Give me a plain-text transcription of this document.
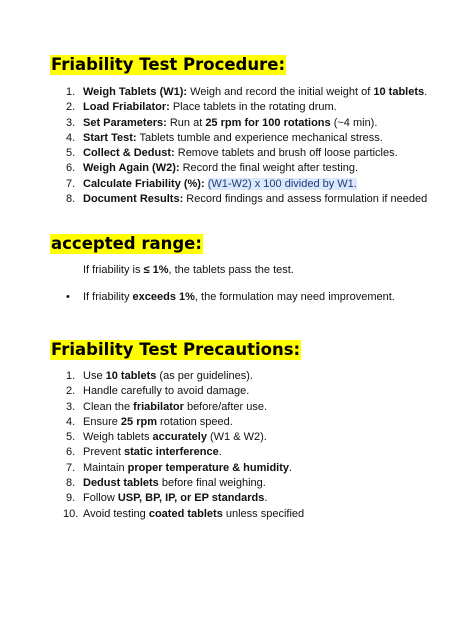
Friability Test Procedure:
1. Weigh Tablets (W1): Weigh and record the initial weight of 10 tablets.
2. Load Friabilator: Place tablets in the rotating drum.
3. Set Parameters: Run at 25 rpm for 100 rotations (~4 min).
4. Start Test: Tablets tumble and experience mechanical stress.
5. Collect & Dedust: Remove tablets and brush off loose particles.
6. Weigh Again (W2): Record the final weight after testing.
7. Calculate Friability (%): (W1-W2) x 100 divided by W1.
8. Document Results: Record findings and assess formulation if needed
accepted range:
If friability is ≤ 1%, the tablets pass the test.
• If friability exceeds 1%, the formulation may need improvement.
Friability Test Precautions:
1. Use 10 tablets (as per guidelines).
2. Handle carefully to avoid damage.
3. Clean the friabilator before/after use.
4. Ensure 25 rpm rotation speed.
5. Weigh tablets accurately (W1 & W2).
6. Prevent static interference.
7. Maintain proper temperature & humidity.
8. Dedust tablets before final weighing.
9. Follow USP, BP, IP, or EP standards.
10. Avoid testing coated tablets unless specified
